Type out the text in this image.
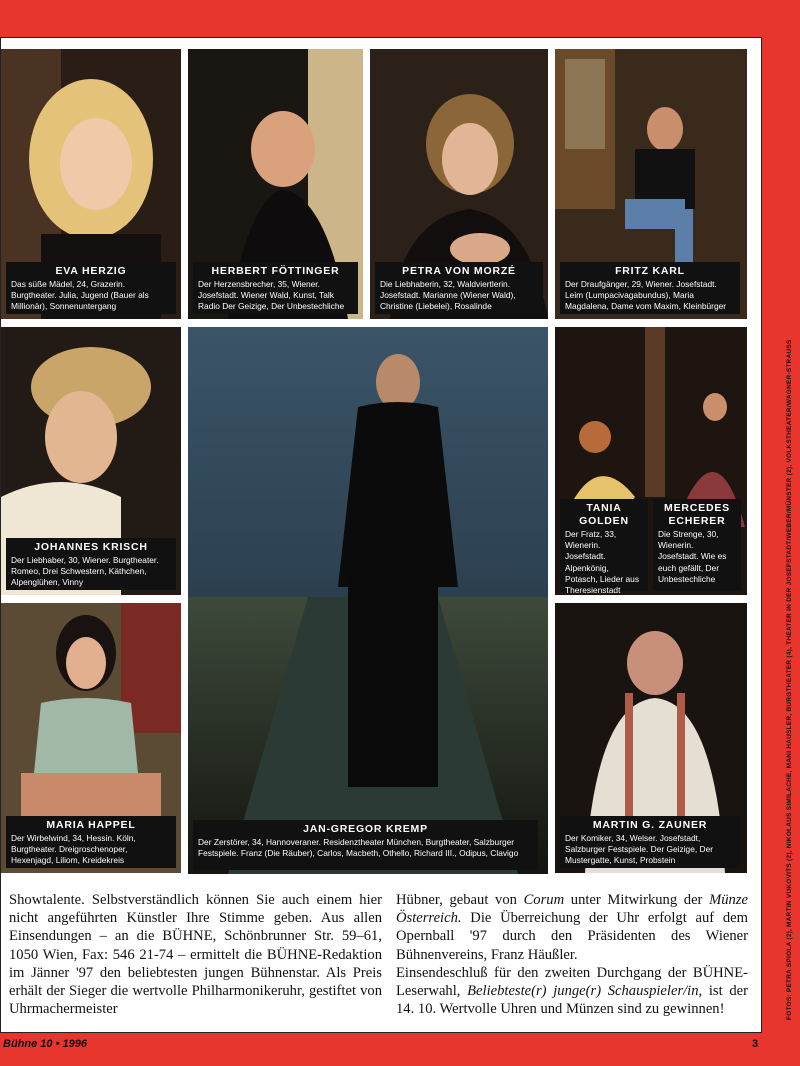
EVA HERZIG
Das süße Mädel, 24, Grazerin. Burgtheater. Julia, Jugend (Bauer als Millionär), Sonnenuntergang
HERBERT FÖTTINGER
Der Herzensbrecher, 35, Wiener. Josefstadt. Wiener Wald, Kunst, Talk Radio Der Geizige, Der Unbestechliche
PETRA VON MORZÉ
Die Liebhaberin, 32, Waldviertlerin. Josefstadt. Marianne (Wiener Wald), Christine (Liebelei), Rosalinde
FRITZ KARL
Der Draufgänger, 29, Wiener. Josefstadt. Leim (Lumpacivagabundus), Maria Magdalena, Dame vom Maxim, Kleinbürger
JOHANNES KRISCH
Der Liebhaber, 30, Wiener. Burgtheater. Romeo, Drei Schwestern, Käthchen, Alpenglühen, Vinny
JAN-GREGOR KREMP
Der Zerstörer, 34, Hannoveraner. Residenztheater München, Burgtheater, Salzburger Festspiele. Franz (Die Räuber), Carlos, Macbeth, Othello, Richard III., Odipus, Clavigo
TANIA GOLDEN
Der Fratz, 33, Wienerin. Josefstadt. Alpenkönig, Potasch, Lieder aus Theresienstadt
MERCEDES ECHERER
Die Strenge, 30, Wienerin. Josefstadt. Wie es euch gefällt, Der Unbestechliche
MARIA HAPPEL
Der Wirbelwind, 34, Hessin. Köln, Burgtheater. Dreigroschenoper, Hexenjagd, Liliom, Kreidekreis
MARTIN G. ZAUNER
Der Komiker, 34, Welser. Josefstadt, Salzburger Festspiele. Der Geizige, Der Mustergatte, Kunst, Probstein
Showtalente. Selbstverständlich können Sie auch einem hier nicht angeführten Künstler Ihre Stimme geben. Aus allen Einsendungen – an die BÜHNE, Schönbrunner Str. 59–61, 1050 Wien, Fax: 546 21-74 – ermittelt die BÜHNE-Redaktion im Jänner '97 den beliebtesten jungen Bühnenstar. Als Preis erhält der Sieger die wertvolle Philharmonikeruhr, gestiftet von Uhrmachermeister
Hübner, gebaut von Corum unter Mitwirkung der Münze Österreich. Die Überreichung der Uhr erfolgt auf dem Opernball '97 durch den Präsidenten des Wiener Bühnenvereins, Franz Häußler.
Einsendeschluß für den zweiten Durchgang der BÜHNE-Leserwahl, Beliebteste(r) junge(r) Schauspieler/in, ist der 14. 10. Wertvolle Uhren und Münzen sind zu gewinnen!	FOTOS: PETRA SPIOLA (2), MARTIN VUKOVITS (2), NIKOLAUS SIMILACHE, MANI HAUSLER, BURGTHEATER (4), THEATER IN DER JOSEFSTADT/WEBER/MÜNSTER (2), VOLKSTHEATER/WAGNER-STRAUSS
Bühne 10 • 1996	3
